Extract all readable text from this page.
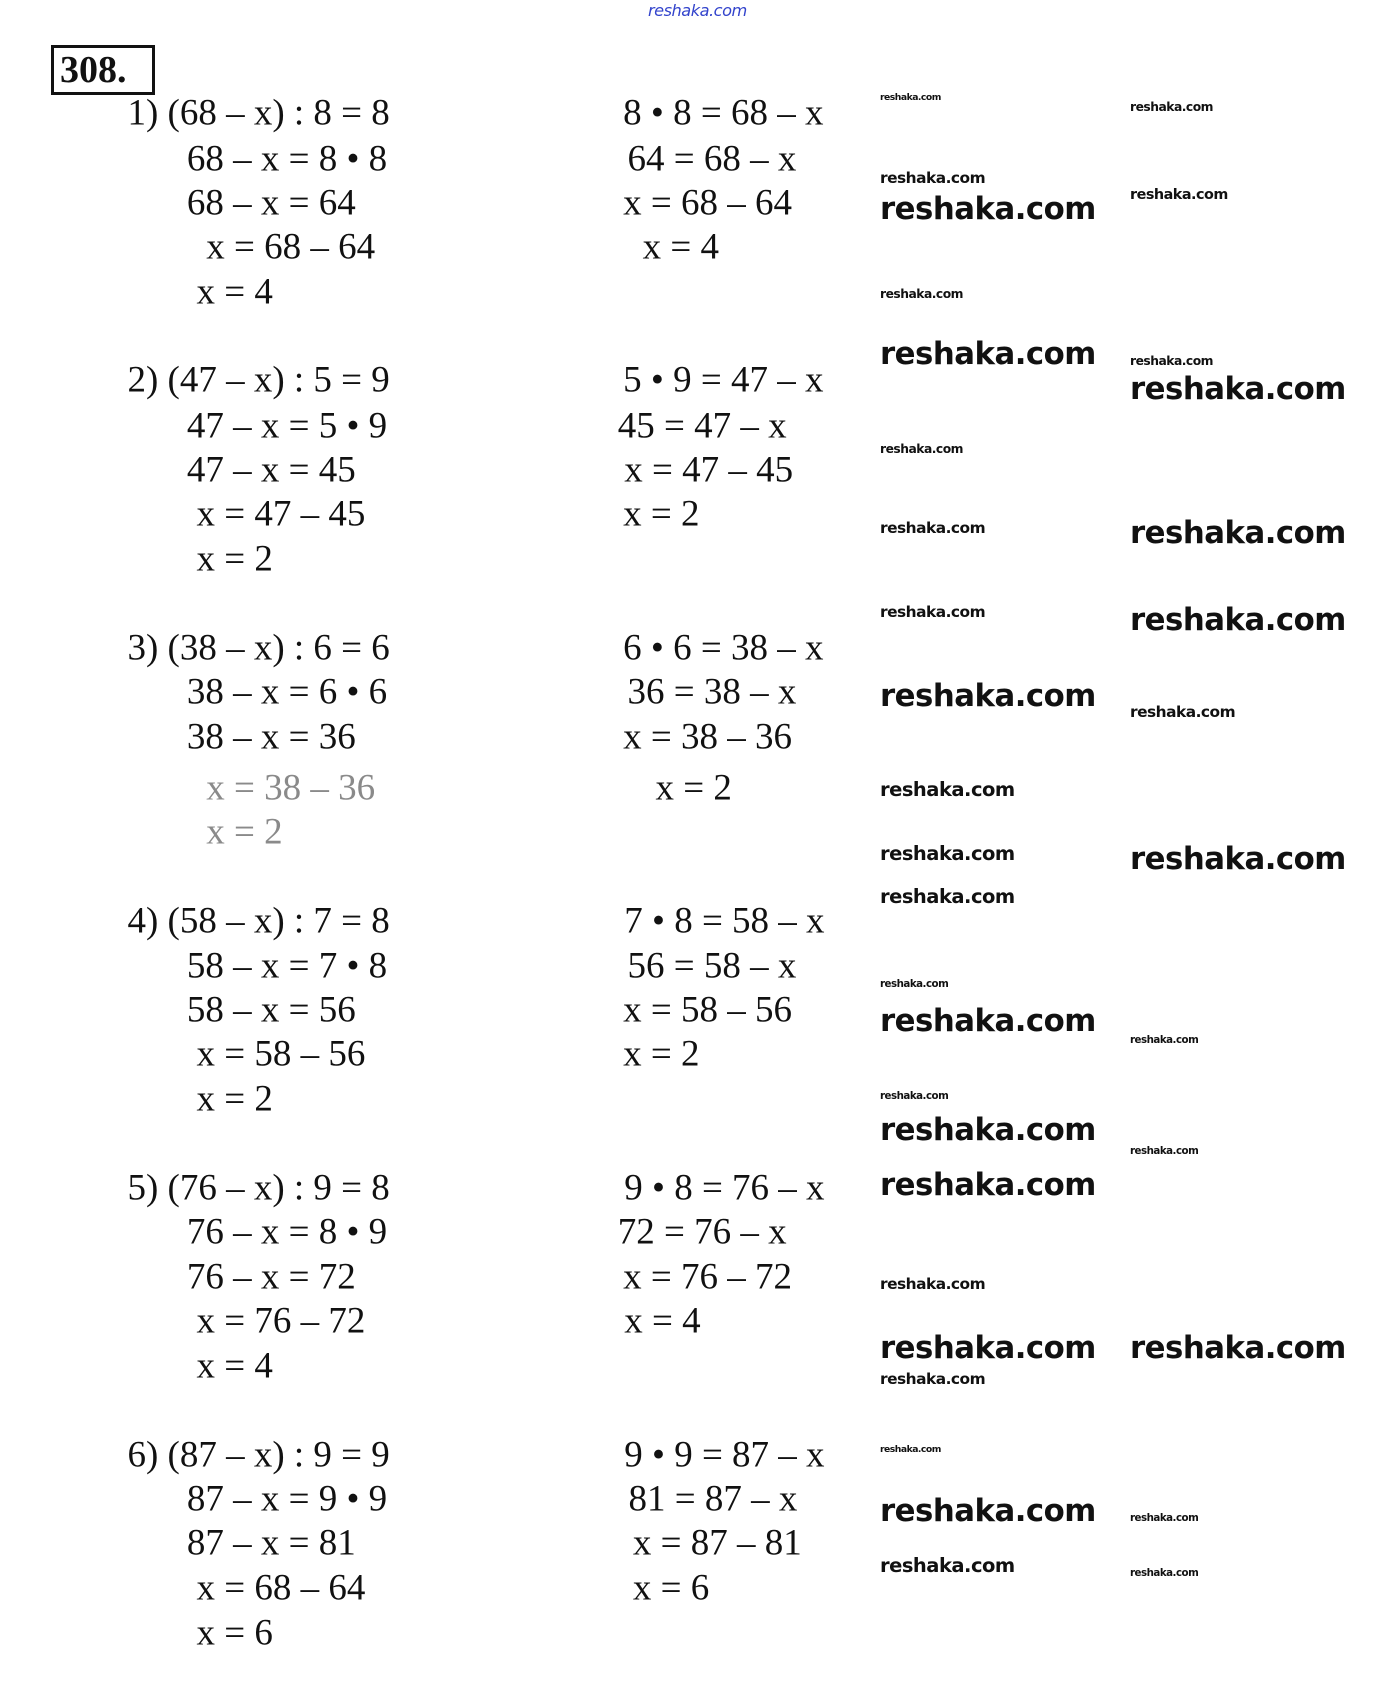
308.
1) (68 – x) : 8 = 8
68 – x = 8 • 8
68 – x = 64
x = 68 – 64
x = 4
8 • 8 = 68 – x
64 = 68 – x
x = 68 – 64
x = 4
2) (47 – x) : 5 = 9
47 – x = 5 • 9
47 – x = 45
x = 47 – 45
x = 2
5 • 9 = 47 – x
45 = 47 – x
x = 47 – 45
x = 2
3) (38 – x) : 6 = 6
38 – x = 6 • 6
38 – x = 36
x = 38 – 36
x = 2
6 • 6 = 38 – x
36 = 38 – x
x = 38 – 36
x = 2
4) (58 – x) : 7 = 8
58 – x = 7 • 8
58 – x = 56
x = 58 – 56
x = 2
7 • 8 = 58 – x
56 = 58 – x
x = 58 – 56
x = 2
5) (76 – x) : 9 = 8
76 – x = 8 • 9
76 – x = 72
x = 76 – 72
x = 4
9 • 8 = 76 – x
72 = 76 – x
x = 76 – 72
x = 4
6) (87 – x) : 9 = 9
87 – x = 9 • 9
87 – x = 81
x = 68 – 64
x = 6
9 • 9 = 87 – x
81 = 87 – x
x = 87 – 81
x = 6
reshaka.com
reshaka.com
reshaka.com
reshaka.com
reshaka.com
reshaka.com
reshaka.com
reshaka.com	reshaka.com
reshaka.com
reshaka.com
reshaka.com	reshaka.com
reshaka.com	reshaka.com
reshaka.com reshaka.com
reshaka.com
reshaka.com	reshaka.com
reshaka.com
reshaka.com
reshaka.com
reshaka.com
reshaka.com
reshaka.com
reshaka.com
reshaka.com
reshaka.com
reshaka.com reshaka.com
reshaka.com
reshaka.com
reshaka.com	reshaka.com
reshaka.com	reshaka.com
